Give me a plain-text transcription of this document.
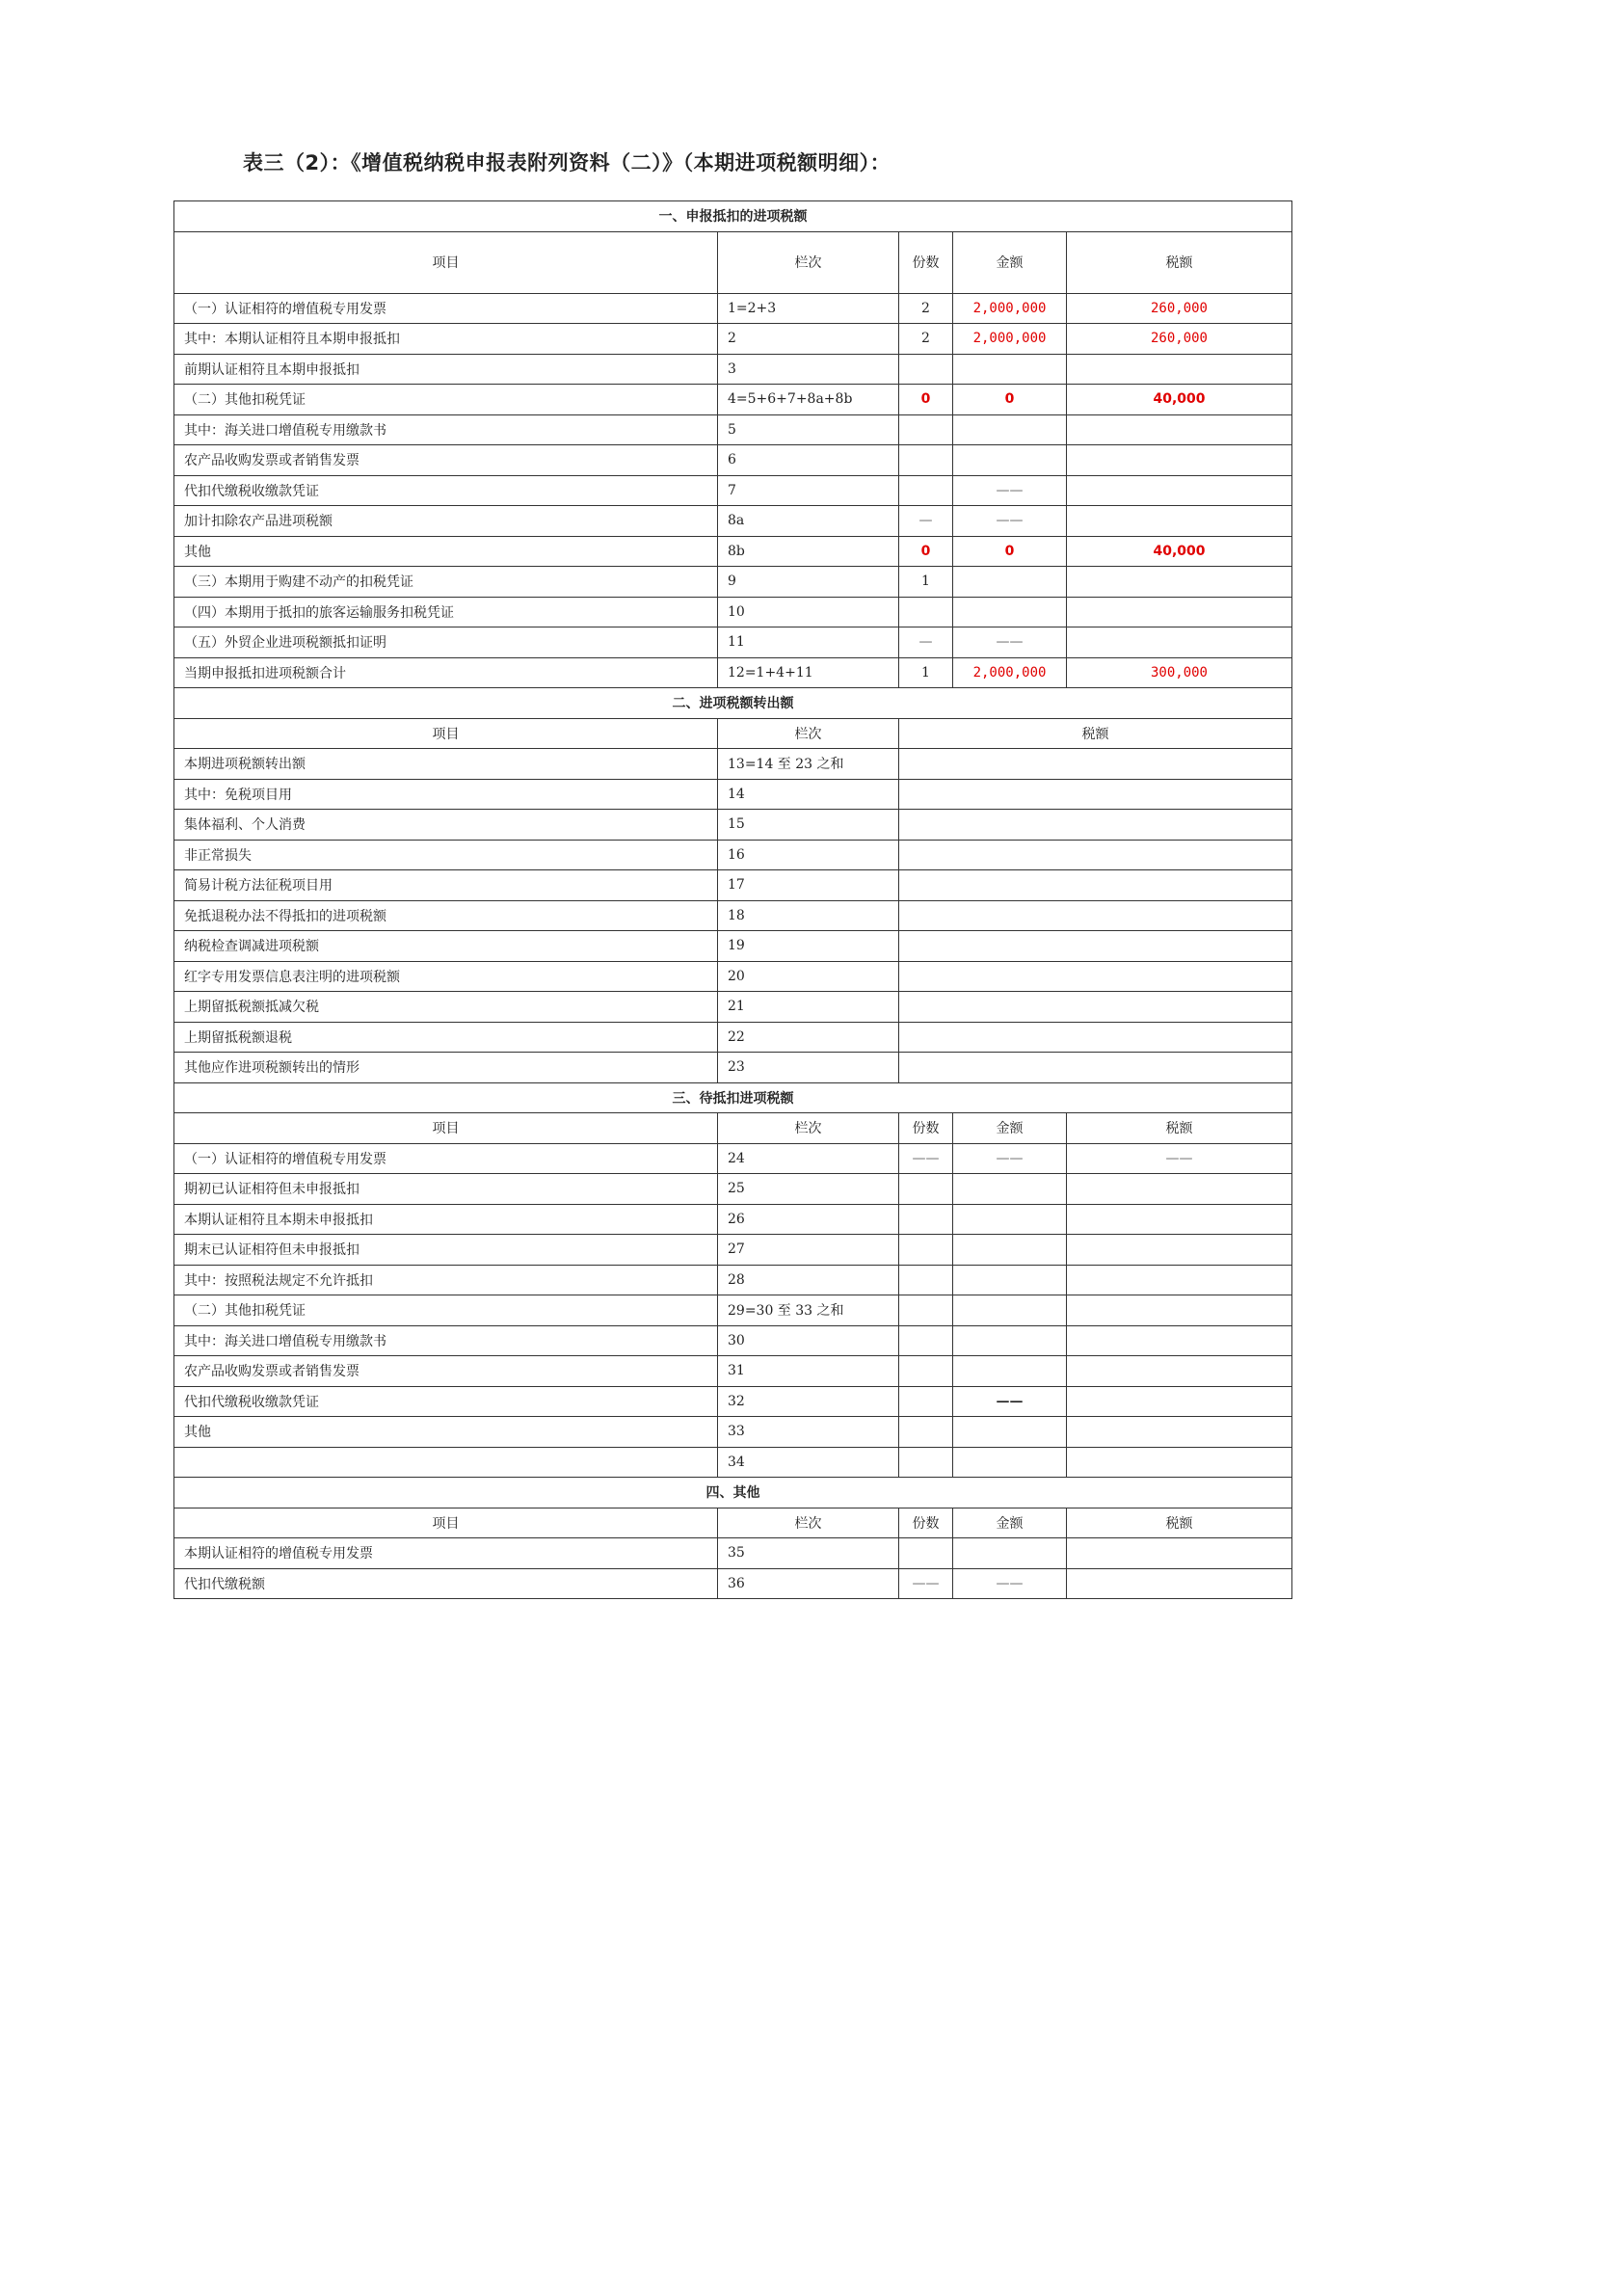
表三（2）：《增值税纳税申报表附列资料（二）》（本期进项税额明细）：
一、申报抵扣的进项税额				
项目	栏次	份数	金额	税额
（一）认证相符的增值税专用发票	1=2+3	2	2,000,000	260,000
其中：本期认证相符且本期申报抵扣	2	2	2,000,000	260,000
前期认证相符且本期申报抵扣	3			
（二）其他扣税凭证	4=5+6+7+8a+8b	0	0	40,000
其中：海关进口增值税专用缴款书	5			
农产品收购发票或者销售发票	6			
代扣代缴税收缴款凭证	7		——	
加计扣除农产品进项税额	8a	—	——	
其他	8b	0	0	40,000
（三）本期用于购建不动产的扣税凭证	9	1		
（四）本期用于抵扣的旅客运输服务扣税凭证	10			
（五）外贸企业进项税额抵扣证明	11	—	——	
当期申报抵扣进项税额合计	12=1+4+11	1	2,000,000	300,000
二、进项税额转出额				
项目	栏次	税额		
本期进项税额转出额	13=14 至 23 之和			
其中：免税项目用	14			
集体福利、个人消费	15			
非正常损失	16			
简易计税方法征税项目用	17			
免抵退税办法不得抵扣的进项税额	18			
纳税检查调减进项税额	19			
红字专用发票信息表注明的进项税额	20			
上期留抵税额抵减欠税	21			
上期留抵税额退税	22			
其他应作进项税额转出的情形	23			
三、待抵扣进项税额				
项目	栏次	份数	金额	税额
（一）认证相符的增值税专用发票	24	——	——	——
期初已认证相符但未申报抵扣	25			
本期认证相符且本期未申报抵扣	26			
期末已认证相符但未申报抵扣	27			
其中：按照税法规定不允许抵扣	28			
（二）其他扣税凭证	29=30 至 33 之和			
其中：海关进口增值税专用缴款书	30			
农产品收购发票或者销售发票	31			
代扣代缴税收缴款凭证	32		——	
其他	33			
	34			
四、其他				
项目	栏次	份数	金额	税额
本期认证相符的增值税专用发票	35			
代扣代缴税额	36	——	——	
